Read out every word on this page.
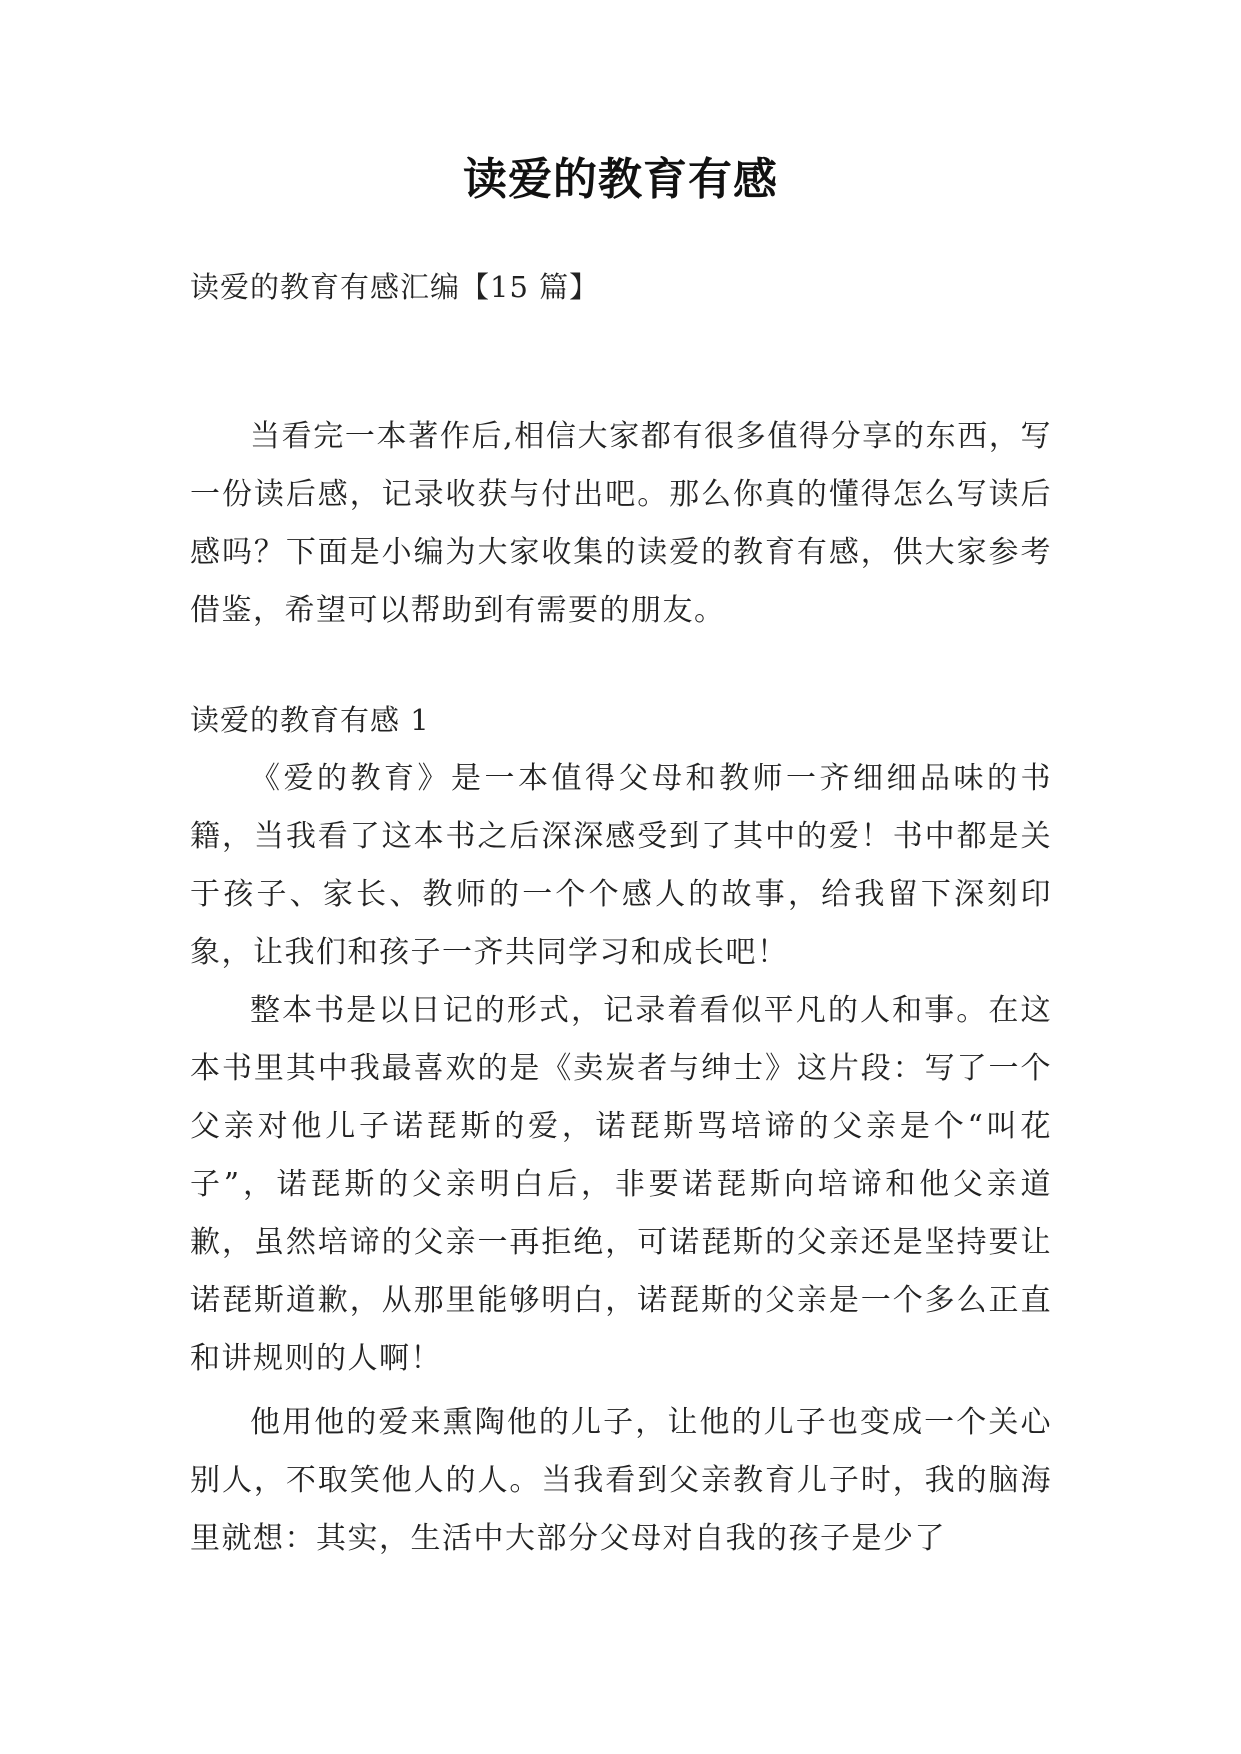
读爱的教育有感

读爱的教育有感汇编【15 篇】

当看完一本著作后,相信大家都有很多值得分享的东西，写一份读后感，记录收获与付出吧。那么你真的懂得怎么写读后感吗？下面是小编为大家收集的读爱的教育有感，供大家参考借鉴，希望可以帮助到有需要的朋友。

读爱的教育有感 1

《爱的教育》是一本值得父母和教师一齐细细品味的书籍，当我看了这本书之后深深感受到了其中的爱！书中都是关于孩子、家长、教师的一个个感人的故事，给我留下深刻印象，让我们和孩子一齐共同学习和成长吧！

整本书是以日记的形式，记录着看似平凡的人和事。在这本书里其中我最喜欢的是《卖炭者与绅士》这片段：写了一个父亲对他儿子诺琵斯的爱，诺琵斯骂培谛的父亲是个“叫花子”，诺琵斯的父亲明白后，非要诺琵斯向培谛和他父亲道歉，虽然培谛的父亲一再拒绝，可诺琵斯的父亲还是坚持要让诺琵斯道歉，从那里能够明白，诺琵斯的父亲是一个多么正直和讲规则的人啊！

他用他的爱来熏陶他的儿子，让他的儿子也变成一个关心别人，不取笑他人的人。当我看到父亲教育儿子时，我的脑海里就想：其实，生活中大部分父母对自我的孩子是少了
